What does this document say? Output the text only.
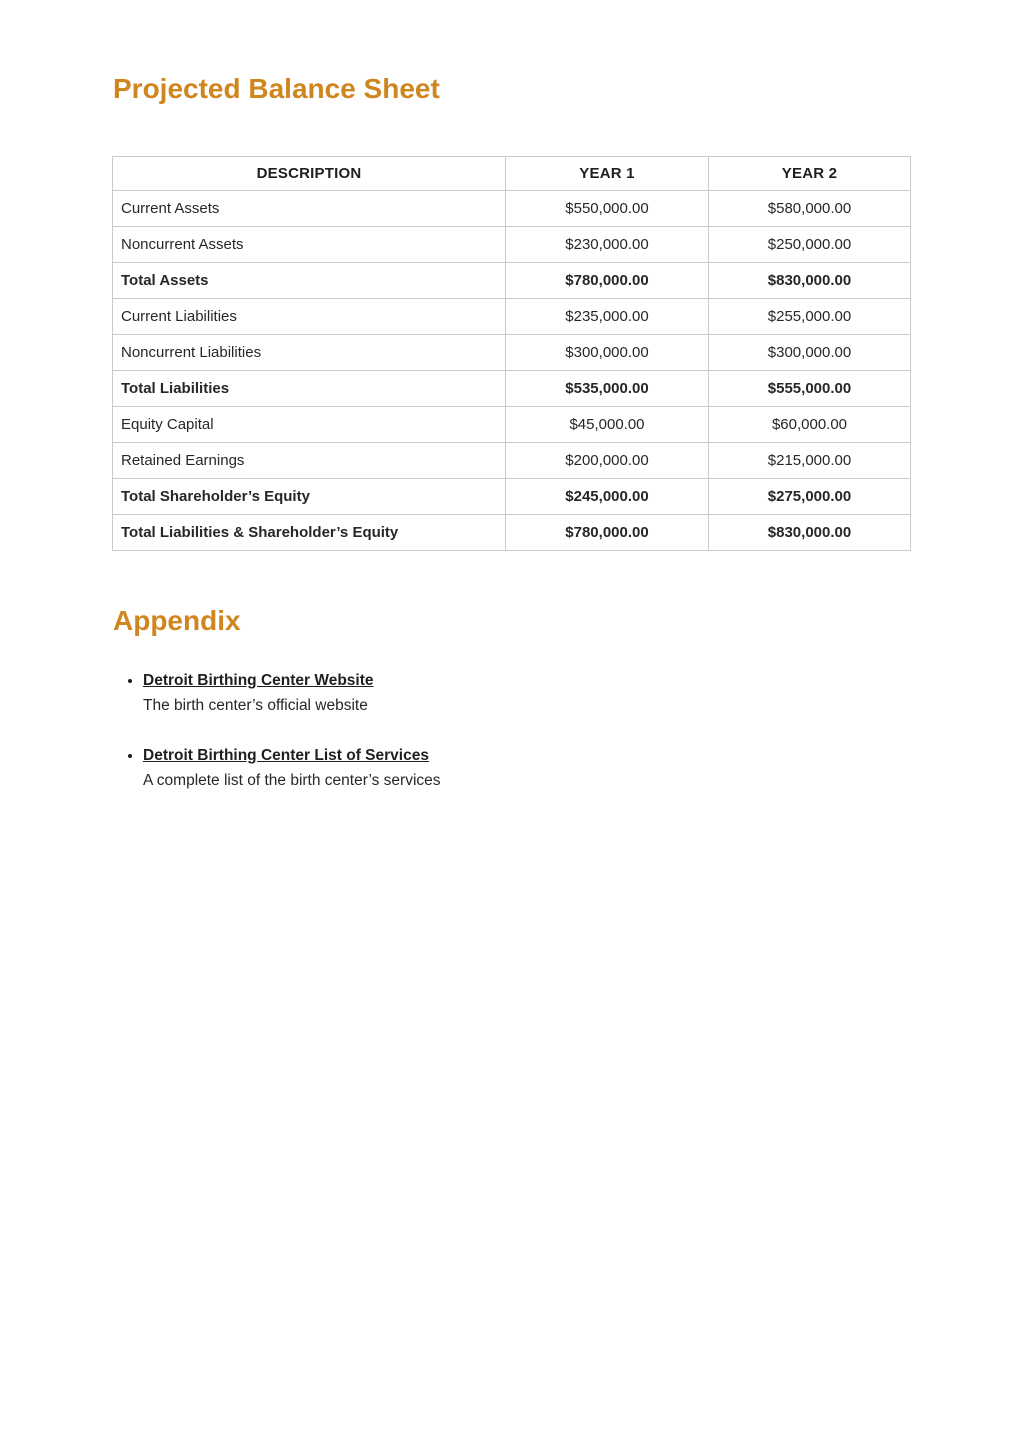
Projected Balance Sheet
DESCRIPTION	YEAR 1	YEAR 2
Current Assets	$550,000.00	$580,000.00
Noncurrent Assets	$230,000.00	$250,000.00
Total Assets	$780,000.00	$830,000.00
Current Liabilities	$235,000.00	$255,000.00
Noncurrent Liabilities	$300,000.00	$300,000.00
Total Liabilities	$535,000.00	$555,000.00
Equity Capital	$45,000.00	$60,000.00
Retained Earnings	$200,000.00	$215,000.00
Total Shareholder’s Equity	$245,000.00	$275,000.00
Total Liabilities & Shareholder’s Equity	$780,000.00	$830,000.00
Appendix
• Detroit Birthing Center Website
The birth center’s official website
• Detroit Birthing Center List of Services
A complete list of the birth center’s services
